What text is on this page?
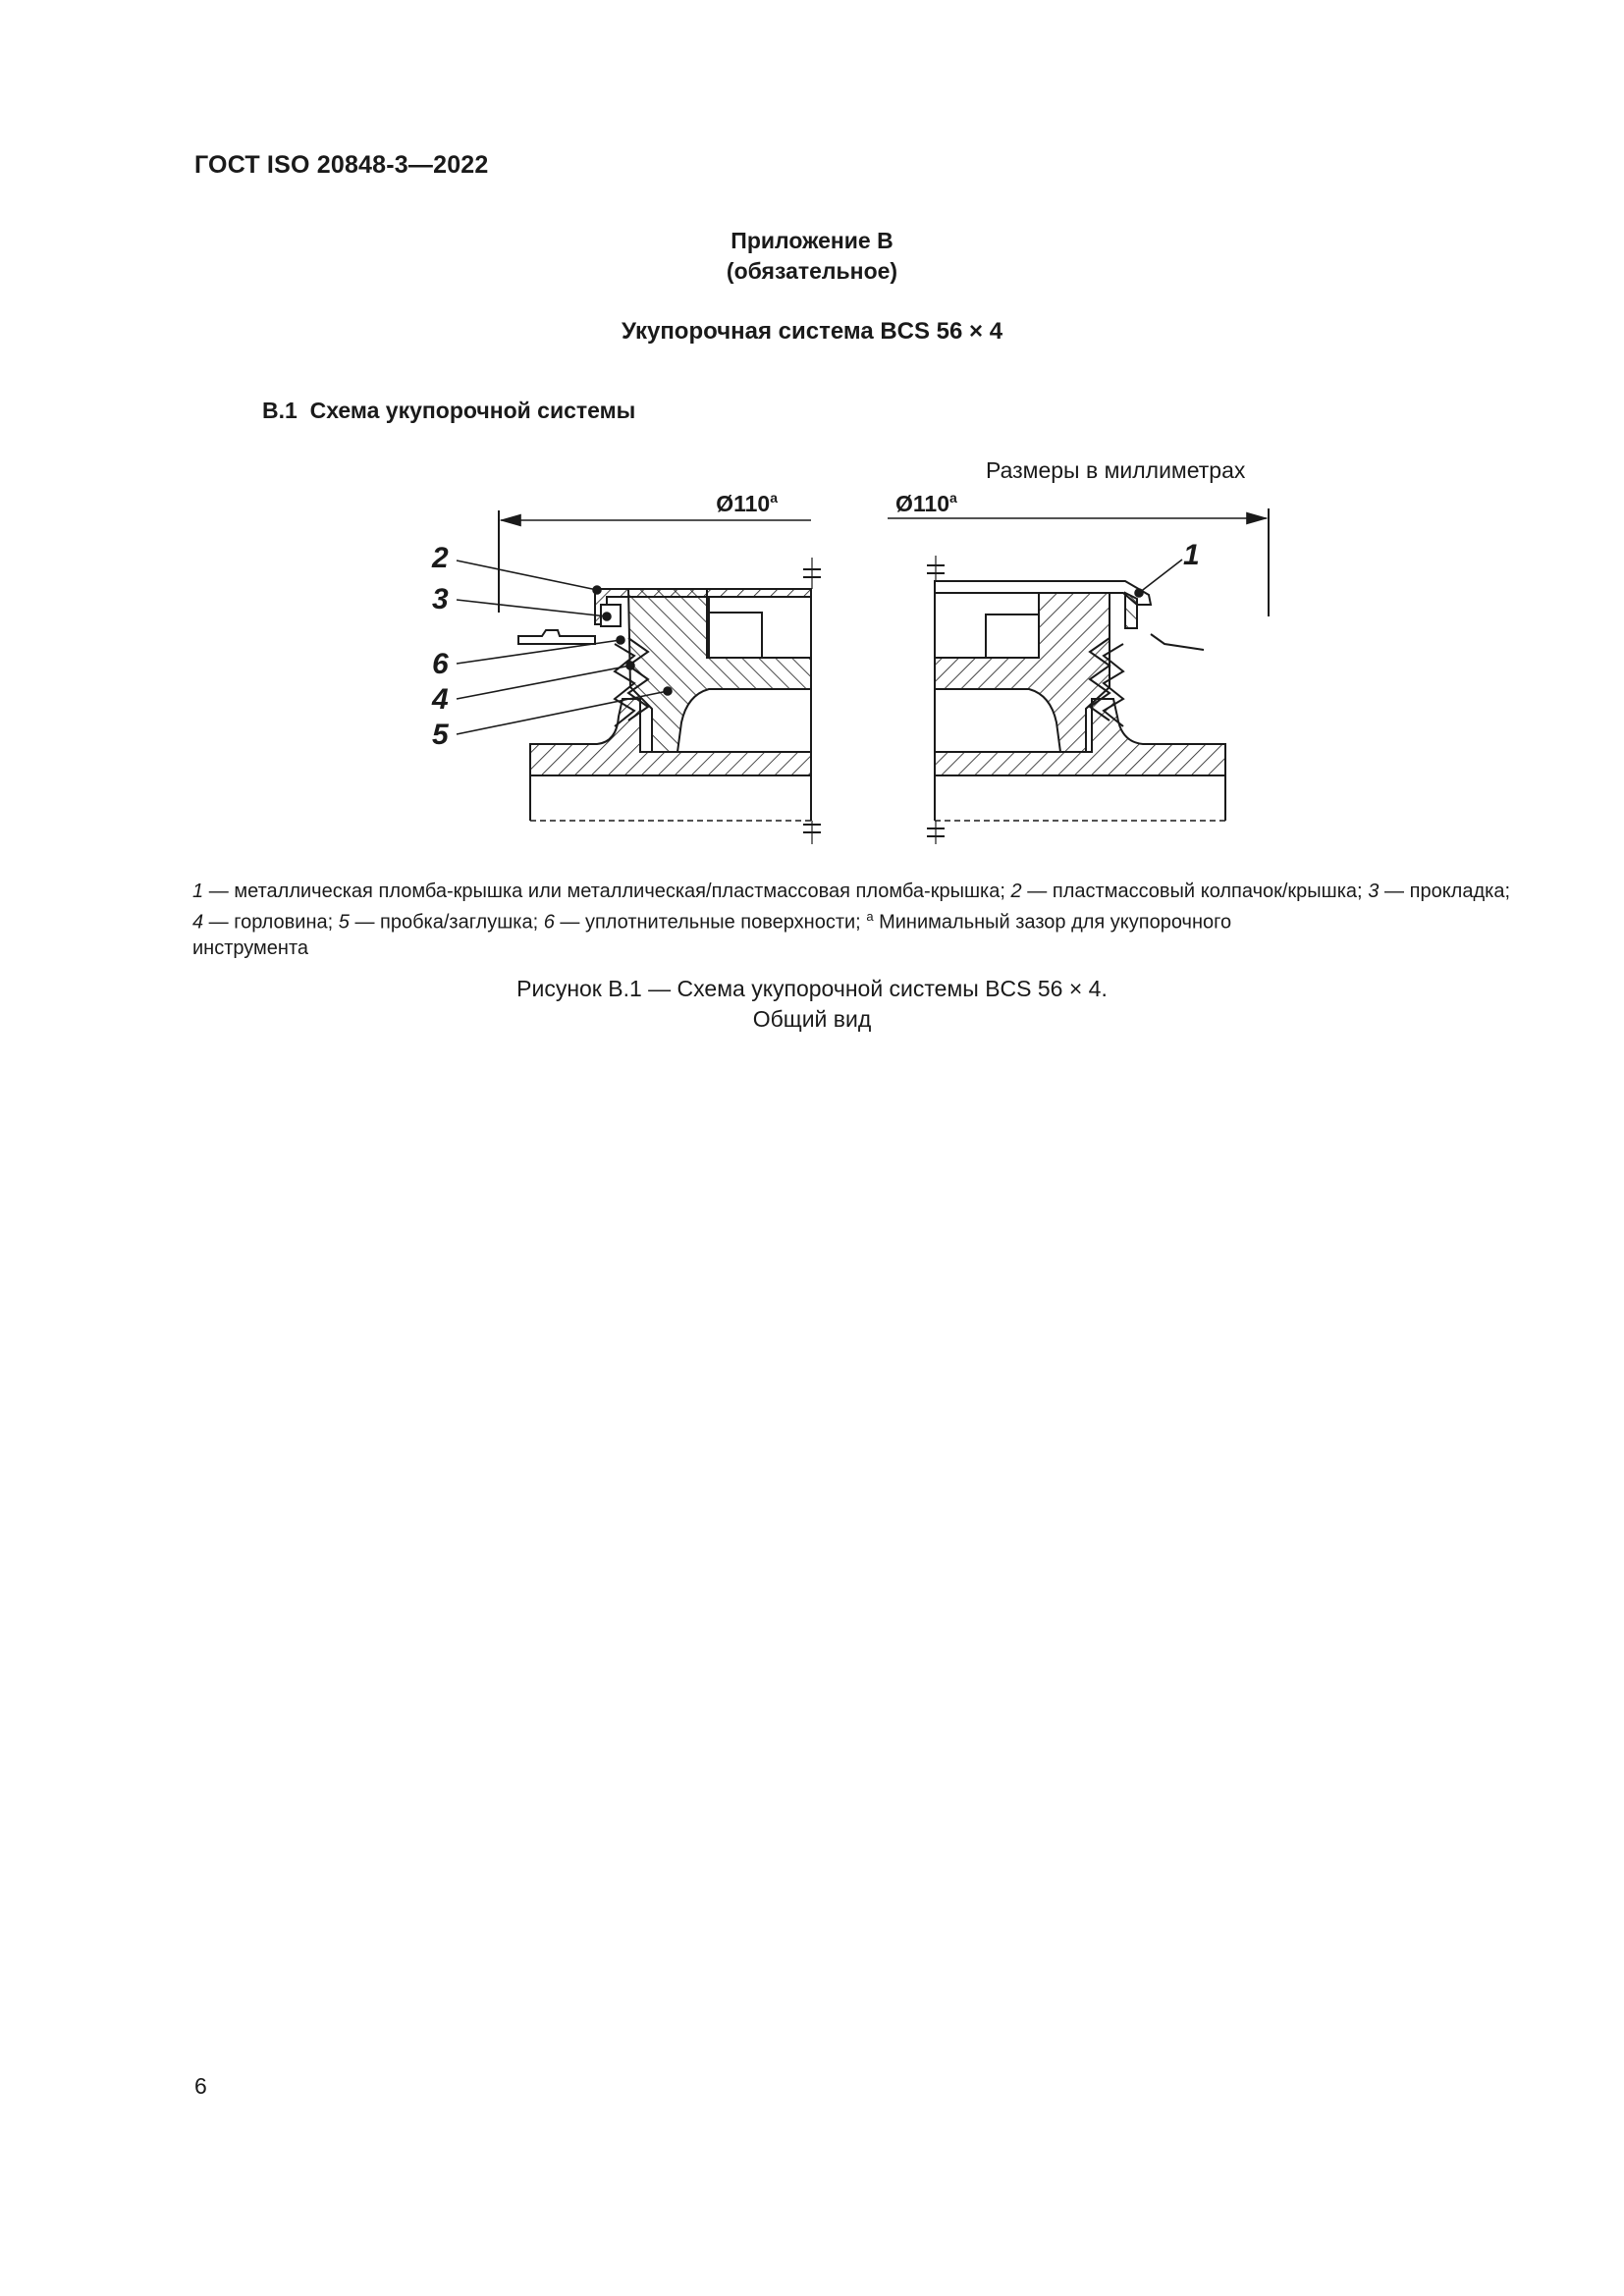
ГОСТ ISO 20848-3—2022
Приложение В
(обязательное)
Укупорочная система BCS 56 × 4
В.1 Схема укупорочной системы
Размеры в миллиметрах
Ø110$^a$	Ø110$^a$
2
3
6
4
5
1
1 — металлическая пломба-крышка или металлическая/пластмассовая пломба-крышка; 2 — пластмассовый колпачок/крышка; 3 — прокладка; 4 — горловина; 5 — пробка/заглушка; 6 — уплотнительные поверхности; $^a$ Минимальный зазор для укупорочного
инструмента
Рисунок В.1 — Схема укупорочной системы BCS 56 × 4.
Общий вид
6
